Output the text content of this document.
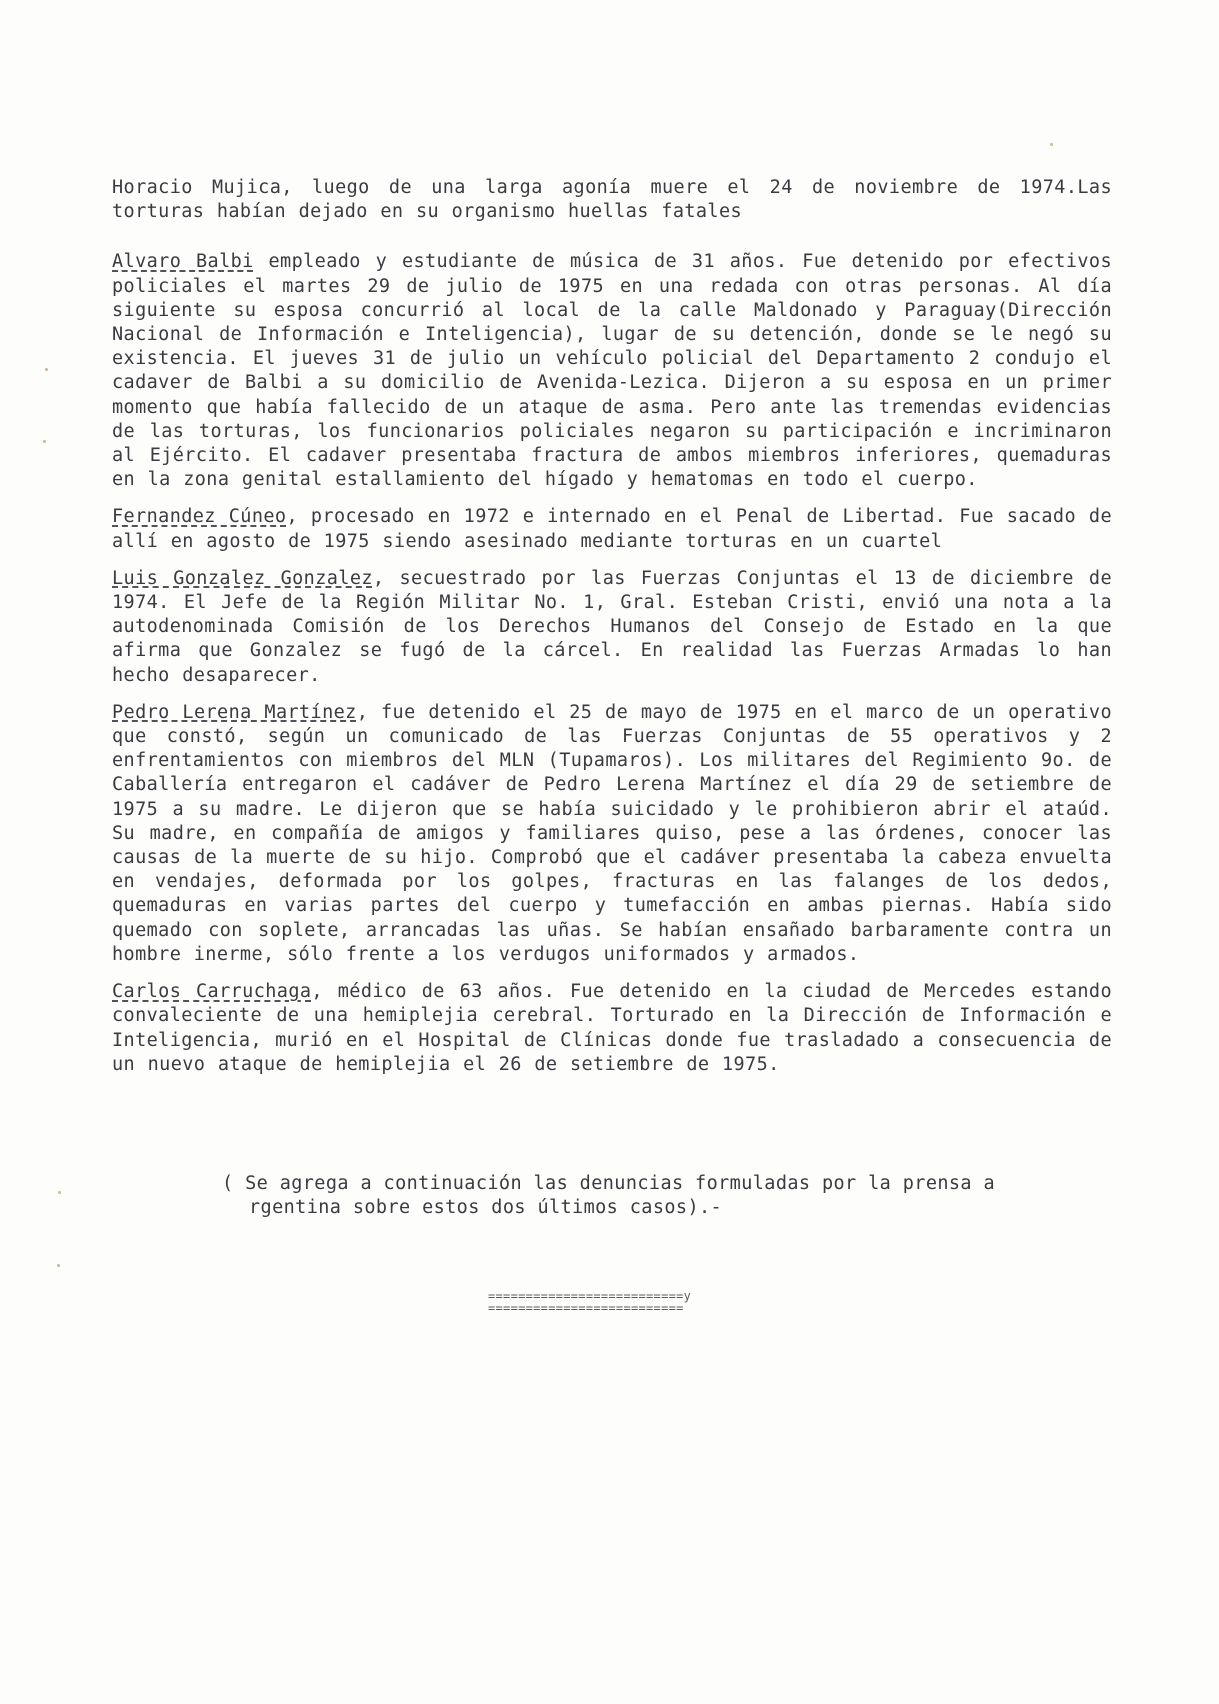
Horacio Mujica, luego de una larga agonía muere el 24 de noviembre de 1974.Las torturas habían dejado en su organismo huellas fatales

Alvaro Balbi empleado y estudiante de música de 31 años. Fue detenido por efectivos policiales el martes 29 de julio de 1975 en una redada con otras personas. Al día siguiente su esposa concurrió al local de la calle Maldonado y Paraguay(Dirección Nacional de Información e Inteligencia), lugar de su detención, donde se le negó su existencia. El jueves 31 de julio un vehículo policial del Departamento 2 condujo el cadaver de Balbi a su domicilio de Avenida-Lezica. Dijeron a su esposa en un primer momento que había fallecido de un ataque de asma. Pero ante las tremendas evidencias de las torturas, los funcionarios policiales negaron su participación e incriminaron al Ejército. El cadaver presentaba fractura de ambos miembros inferiores, quemaduras en la zona genital estallamiento del hígado y hematomas en todo el cuerpo.

Fernandez Cúneo, procesado en 1972 e internado en el Penal de Libertad. Fue sacado de allí en agosto de 1975 siendo asesinado mediante torturas en un cuartel

Luis Gonzalez Gonzalez, secuestrado por las Fuerzas Conjuntas el 13 de diciembre de 1974. El Jefe de la Región Militar No. 1, Gral. Esteban Cristi, envió una nota a la autodenominada Comisión de los Derechos Humanos del Consejo de Estado en la que afirma que Gonzalez se fugó de la cárcel. En realidad las Fuerzas Armadas lo han hecho desaparecer.

Pedro Lerena Martínez, fue detenido el 25 de mayo de 1975 en el marco de un operativo que constó, según un comunicado de las Fuerzas Conjuntas de 55 operativos y 2 enfrentamientos con miembros del MLN (Tupamaros). Los militares del Regimiento 9o. de Caballería entregaron el cadáver de Pedro Lerena Martínez el día 29 de setiembre de 1975 a su madre. Le dijeron que se había suicidado y le prohibieron abrir el ataúd. Su madre, en compañía de amigos y familiares quiso, pese a las órdenes, conocer las causas de la muerte de su hijo. Comprobó que el cadáver presentaba la cabeza envuelta en vendajes, deformada por los golpes, fracturas en las falanges de los dedos, quemaduras en varias partes del cuerpo y tumefacción en ambas piernas. Había sido quemado con soplete, arrancadas las uñas. Se habían ensañado barbaramente contra un hombre inerme, sólo frente a los verdugos uniformados y armados.

Carlos Carruchaga, médico de 63 años. Fue detenido en la ciudad de Mercedes estando convaleciente de una hemiplejia cerebral. Torturado en la Dirección de Información e Inteligencia, murió en el Hospital de Clínicas donde fue trasladado a consecuencia de un nuevo ataque de hemiplejia el 26 de setiembre de 1975.

( Se agrega a continuación las denuncias formuladas por la prensa a
rgentina sobre estos dos últimos casos).-

==========================y
==========================
